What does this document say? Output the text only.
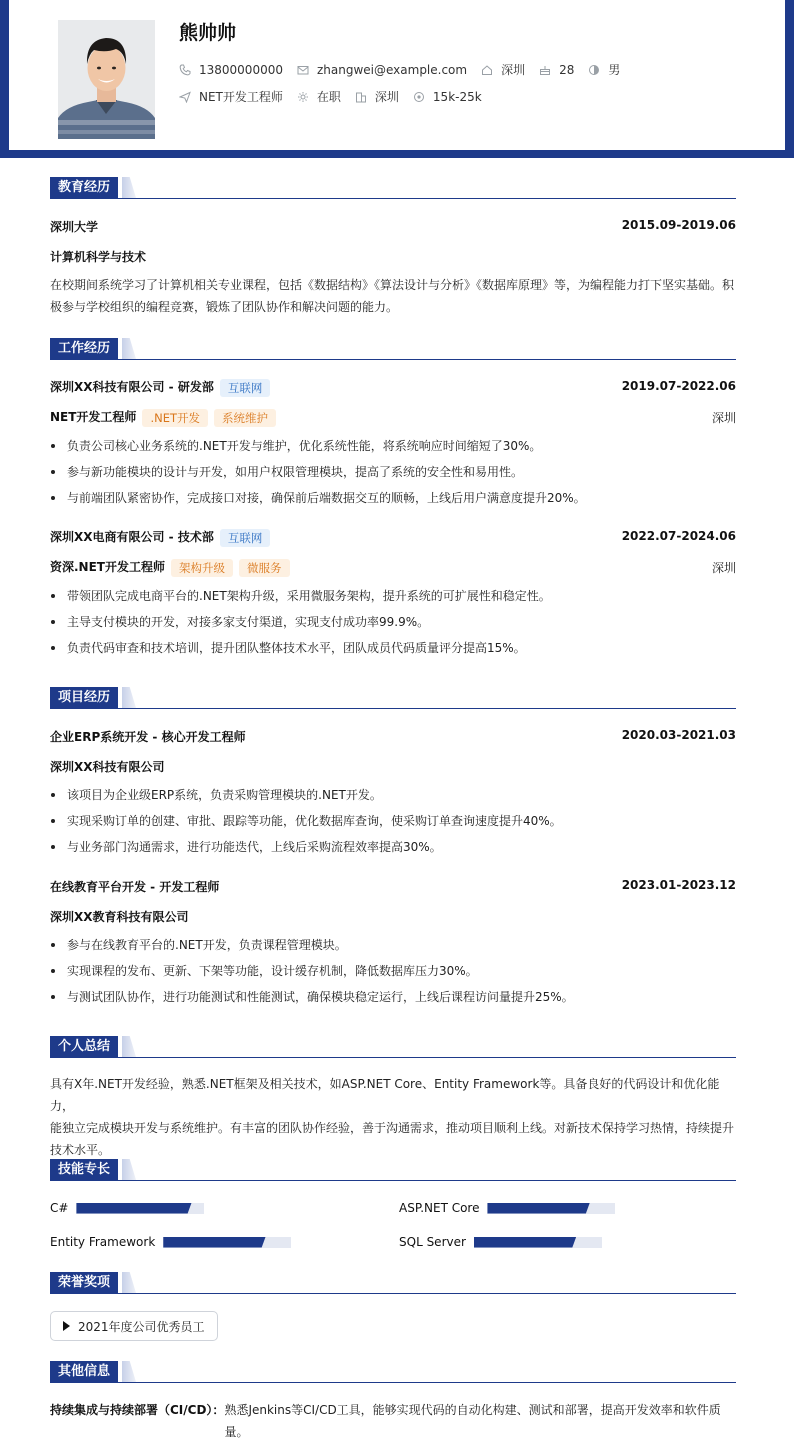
熊帅帅
13800000000	zhangwei@example.com	深圳	28	男
NET开发工程师	在职	深圳	15k-25k
教育经历
深圳大学	2015.09-2019.06
计算机科学与技术
在校期间系统学习了计算机相关专业课程，包括《数据结构》《算法设计与分析》《数据库原理》等，为编程能力打下坚实基础。积
极参与学校组织的编程竞赛，锻炼了团队协作和解决问题的能力。
工作经历
深圳XX科技有限公司 - 研发部 互联网	2019.07-2022.06
NET开发工程师 .NET开发 系统维护	深圳
负责公司核心业务系统的.NET开发与维护，优化系统性能，将系统响应时间缩短了30%。
参与新功能模块的设计与开发，如用户权限管理模块，提高了系统的安全性和易用性。
与前端团队紧密协作，完成接口对接，确保前后端数据交互的顺畅，上线后用户满意度提升20%。
深圳XX电商有限公司 - 技术部 互联网	2022.07-2024.06
资深.NET开发工程师 架构升级 微服务	深圳
带领团队完成电商平台的.NET架构升级，采用微服务架构，提升系统的可扩展性和稳定性。
主导支付模块的开发，对接多家支付渠道，实现支付成功率99.9%。
负责代码审查和技术培训，提升团队整体技术水平，团队成员代码质量评分提高15%。
项目经历
企业ERP系统开发 - 核心开发工程师	2020.03-2021.03
深圳XX科技有限公司
该项目为企业级ERP系统，负责采购管理模块的.NET开发。
实现采购订单的创建、审批、跟踪等功能，优化数据库查询，使采购订单查询速度提升40%。
与业务部门沟通需求，进行功能迭代，上线后采购流程效率提高30%。
在线教育平台开发 - 开发工程师	2023.01-2023.12
深圳XX教育科技有限公司
参与在线教育平台的.NET开发，负责课程管理模块。
实现课程的发布、更新、下架等功能，设计缓存机制，降低数据库压力30%。
与测试团队协作，进行功能测试和性能测试，确保模块稳定运行，上线后课程访问量提升25%。
个人总结
具有X年.NET开发经验，熟悉.NET框架及相关技术，如ASP.NET Core、Entity Framework等。具备良好的代码设计和优化能力，
能独立完成模块开发与系统维护。有丰富的团队协作经验，善于沟通需求，推动项目顺利上线。对新技术保持学习热情，持续提升
技术水平。
技能专长
C#	ASP.NET Core
Entity Framework	SQL Server
荣誉奖项
2021年度公司优秀员工
其他信息
持续集成与持续部署（CI/CD）： 熟悉Jenkins等CI/CD工具，能够实现代码的自动化构建、测试和部署，提高开发效率和软件质
量。
